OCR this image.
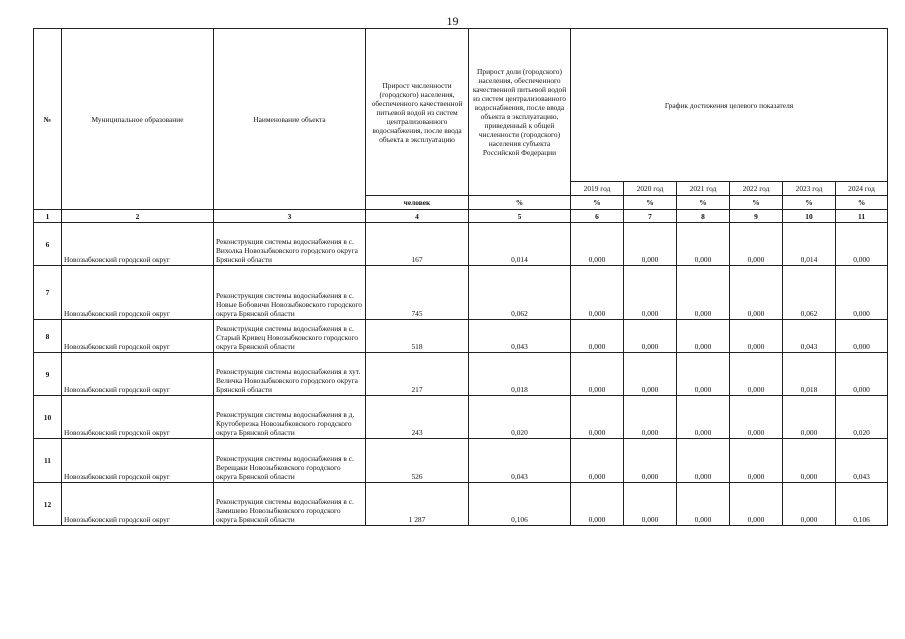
19
№	Муниципальное образование	Наименование объекта	Прирост численности (городского) населения, обеспеченного качественной питьевой водой из систем централизованного водоснабжения, после ввода объекта в эксплуатацию	Прирост доли (городского) населения, обеспеченного качественной питьевой водой из систем централизованного водоснабжения, после ввода объекта в эксплуатацию, приведенный к общей численности (городского) населения субъекта Российской Федерации	График достижения целевого показателя					
					2019 год	2020 год	2021 год	2022 год	2023 год	2024 год
			человек	%	%	%	%	%	%	%
1	2	3	4	5	6	7	8	9	10	11
6	Новозыбковский городской округ	Реконструкция системы водоснабжения в с. Вихолка Новозыбковского городского округа Брянской области	167	0,014	0,000	0,000	0,000	0,000	0,014	0,000
7	Новозыбковский городской округ	Реконструкция системы водоснабжения в с. Новые Бобовичи Новозыбковского городского округа Брянской области	745	0,062	0,000	0,000	0,000	0,000	0,062	0,000
8	Новозыбковский городской округ	Реконструкция системы водоснабжения в с. Старый Кривец Новозыбковского городского округа Брянской области	518	0,043	0,000	0,000	0,000	0,000	0,043	0,000
9	Новозыбковский городской округ	Реконструкция системы водоснабжения в хут. Величка Новозыбковского городского округа Брянской области	217	0,018	0,000	0,000	0,000	0,000	0,018	0,000
10	Новозыбковский городской округ	Реконструкция системы водоснабжения в д. Крутоберезка Новозыбковского городского округа Брянской области	243	0,020	0,000	0,000	0,000	0,000	0,000	0,020
11	Новозыбковский городской округ	Реконструкция системы водоснабжения в с. Верещаки Новозыбковского городского округа Брянской области	526	0,043	0,000	0,000	0,000	0,000	0,000	0,043
12	Новозыбковский городской округ	Реконструкция системы водоснабжения в с. Замишево Новозыбковского городского округа Брянской области	1 287	0,106	0,000	0,000	0,000	0,000	0,000	0,106
